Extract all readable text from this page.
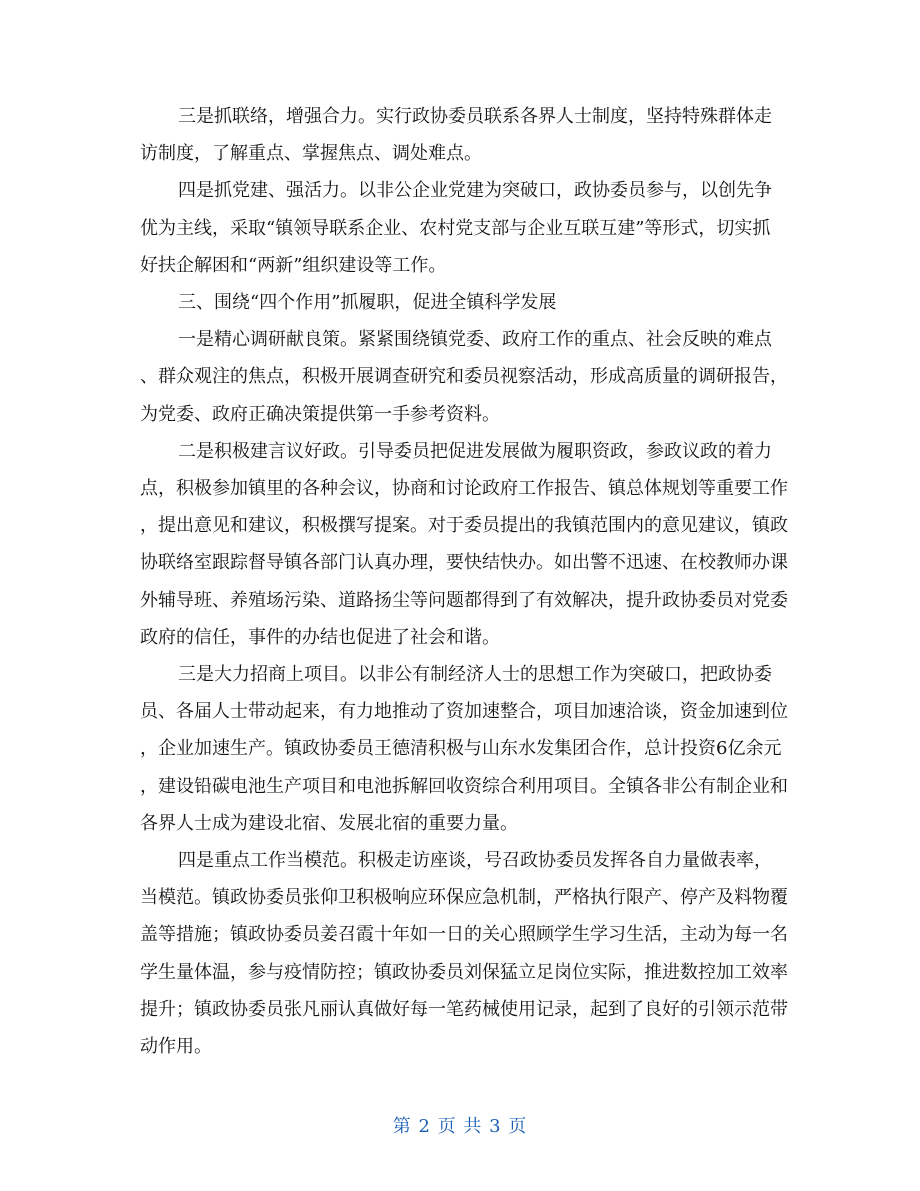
三是抓联络，增强合力。实行政协委员联系各界人士制度，坚持特殊群体走
访制度，了解重点、掌握焦点、调处难点。

四是抓党建、强活力。以非公企业党建为突破口，政协委员参与，以创先争
优为主线，采取“镇领导联系企业、农村党支部与企业互联互建”等形式，切实抓
好扶企解困和“两新”组织建设等工作。

三、围绕“四个作用”抓履职，促进全镇科学发展

一是精心调研献良策。紧紧围绕镇党委、政府工作的重点、社会反映的难点
、群众观注的焦点，积极开展调查研究和委员视察活动，形成高质量的调研报告，
为党委、政府正确决策提供第一手参考资料。

二是积极建言议好政。引导委员把促进发展做为履职资政，参政议政的着力
点，积极参加镇里的各种会议，协商和讨论政府工作报告、镇总体规划等重要工作
，提出意见和建议，积极撰写提案。对于委员提出的我镇范围内的意见建议，镇政
协联络室跟踪督导镇各部门认真办理，要快结快办。如出警不迅速、在校教师办课
外辅导班、养殖场污染、道路扬尘等问题都得到了有效解决，提升政协委员对党委
政府的信任，事件的办结也促进了社会和谐。

三是大力招商上项目。以非公有制经济人士的思想工作为突破口，把政协委
员、各届人士带动起来，有力地推动了资加速整合，项目加速洽谈，资金加速到位
，企业加速生产。镇政协委员王德清积极与山东水发集团合作，总计投资6亿余元
，建设铅碳电池生产项目和电池拆解回收资综合利用项目。全镇各非公有制企业和
各界人士成为建设北宿、发展北宿的重要力量。

四是重点工作当模范。积极走访座谈，号召政协委员发挥各自力量做表率，
当模范。镇政协委员张仰卫积极响应环保应急机制，严格执行限产、停产及料物覆
盖等措施；镇政协委员姜召霞十年如一日的关心照顾学生学习生活，主动为每一名
学生量体温，参与疫情防控；镇政协委员刘保猛立足岗位实际，推进数控加工效率
提升；镇政协委员张凡丽认真做好每一笔药械使用记录，起到了良好的引领示范带
动作用。

第 2 页 共 3 页
